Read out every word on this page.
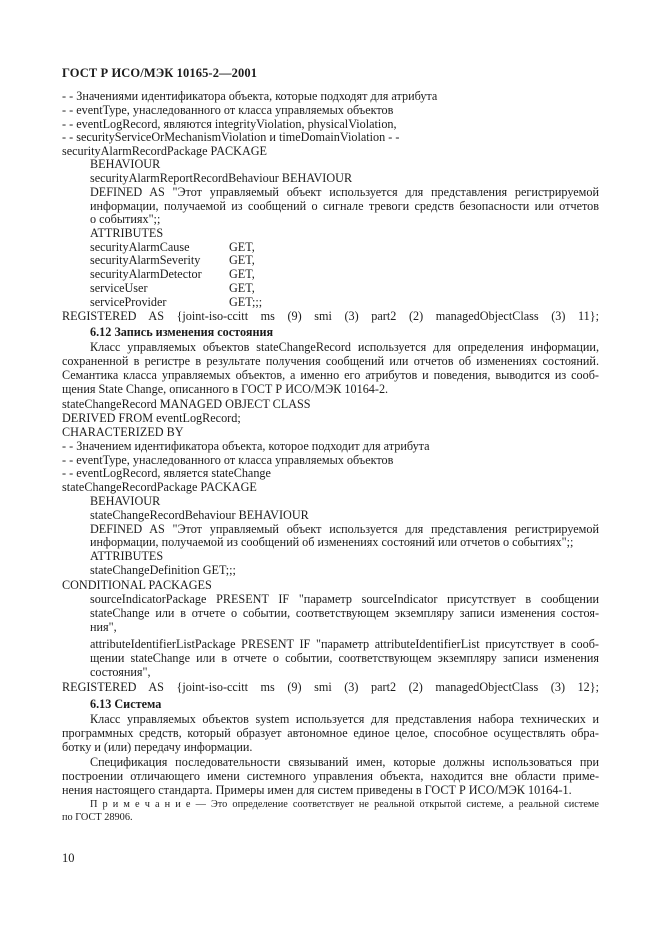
ГОСТ Р ИСО/МЭК 10165-2—2001
- - Значениями идентификатора объекта, которые подходят для атрибута
- - eventType, унаследованного от класса управляемых объектов
- - eventLogRecord, являются integrityViolation, physicalViolation,
- - securityServiceOrMechanismViolation и timeDomainViolation - -
securityAlarmRecordPackage PACKAGE
BEHAVIOUR
securityAlarmReportRecordBehaviour BEHAVIOUR
DEFINED AS "Этот управляемый объект используется для представления регистрируемой
информации, получаемой из сообщений о сигнале тревоги средств безопасности или отчетов
о событиях";;
ATTRIBUTES
securityAlarmCause	GET,
securityAlarmSeverity GET,
securityAlarmDetector GET,
serviceUser	GET,
serviceProvider	GET;;;
REGISTERED AS {joint-iso-ccitt ms (9) smi (3) part2 (2) managedObjectClass (3) 11};
6.12 Запись изменения состояния
Класс управляемых объектов stateChangeRecord используется для определения информации,
сохраненной в регистре в результате получения сообщений или отчетов об изменениях состояний.
Семантика класса управляемых объектов, а именно его атрибутов и поведения, выводится из сооб-
щения State Change, описанного в ГОСТ Р ИСО/МЭК 10164-2.
stateChangeRecord MANAGED OBJECT CLASS
DERIVED FROM eventLogRecord;
CHARACTERIZED BY
- - Значением идентификатора объекта, которое подходит для атрибута
- - eventType, унаследованного от класса управляемых объектов
- - eventLogRecord, является stateChange
stateChangeRecordPackage PACKAGE
BEHAVIOUR
stateChangeRecordBehaviour BEHAVIOUR
DEFINED AS "Этот управляемый объект используется для представления регистрируемой
информации, получаемой из сообщений об изменениях состояний или отчетов о событиях";;
ATTRIBUTES
stateChangeDefinition GET;;;
CONDITIONAL PACKAGES
sourceIndicatorPackage PRESENT IF "параметр sourceIndicator присутствует в сообщении
stateChange или в отчете о событии, соответствующем экземпляру записи изменения состоя-
ния",
attributeIdentifierListPackage PRESENT IF "параметр attributeIdentifierList присутствует в сооб-
щении stateChange или в отчете о событии, соответствующем экземпляру записи изменения
состояния",
REGISTERED AS {joint-iso-ccitt ms (9) smi (3) part2 (2) managedObjectClass (3) 12};
6.13 Система
Класс управляемых объектов system используется для представления набора технических и
программных средств, который образует автономное единое целое, способное осуществлять обра-
ботку и (или) передачу информации.
Спецификация последовательности связываний имен, которые должны использоваться при
построении отличающего имени системного управления объекта, находится вне области приме-
нения настоящего стандарта. Примеры имен для систем приведены в ГОСТ Р ИСО/МЭК 10164-1.
П р и м е ч а н и е — Это определение соответствует не реальной открытой системе, а реальной системе
по ГОСТ 28906.
10
